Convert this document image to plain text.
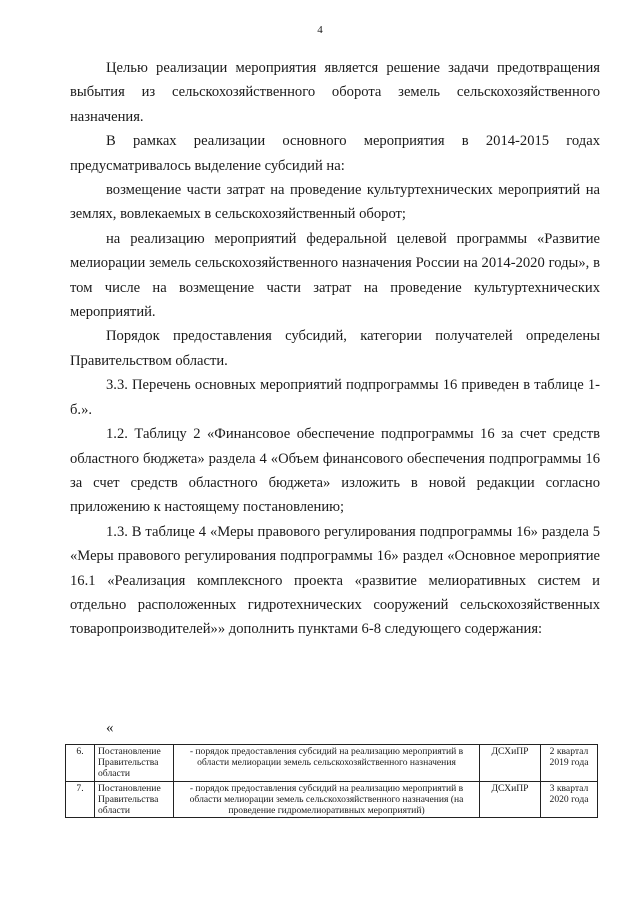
4

Целью реализации мероприятия является решение задачи предотвращения выбытия из сельскохозяйственного оборота земель сельскохозяйственного назначения.

В рамках реализации основного мероприятия в 2014-2015 годах предусматривалось выделение субсидий на:

возмещение части затрат на проведение культуртехнических мероприятий на землях, вовлекаемых в сельскохозяйственный оборот;

на реализацию мероприятий федеральной целевой программы «Развитие мелиорации земель сельскохозяйственного назначения России на 2014-2020 годы», в том числе на возмещение части затрат на проведение культуртехнических мероприятий.

Порядок предоставления субсидий, категории получателей определены Правительством области.

3.3. Перечень основных мероприятий подпрограммы 16 приведен в таблице 1-б.».

1.2. Таблицу 2 «Финансовое обеспечение подпрограммы 16 за счет средств областного бюджета» раздела 4 «Объем финансового обеспечения подпрограммы 16 за счет средств областного бюджета» изложить в новой редакции согласно приложению к настоящему постановлению;

1.3. В таблице 4 «Меры правового регулирования подпрограммы 16» раздела 5 «Меры правового регулирования подпрограммы 16» раздел «Основное мероприятие 16.1 «Реализация комплексного проекта «развитие мелиоративных систем и отдельно расположенных гидротехнических сооружений сельскохозяйственных товаропроизводителей»» дополнить пунктами 6-8 следующего содержания:

«
6.	Постановление Правительства области	- порядок предоставления субсидий на реализацию мероприятий в области мелиорации земель сельскохозяйственного назначения	ДСХиПР	2 квартал 2019 года
7.	Постановление Правительства области	- порядок предоставления субсидий на реализацию мероприятий в области мелиорации земель сельскохозяйственного назначения (на проведение гидромелиоративных мероприятий)	ДСХиПР	3 квартал 2020 года
